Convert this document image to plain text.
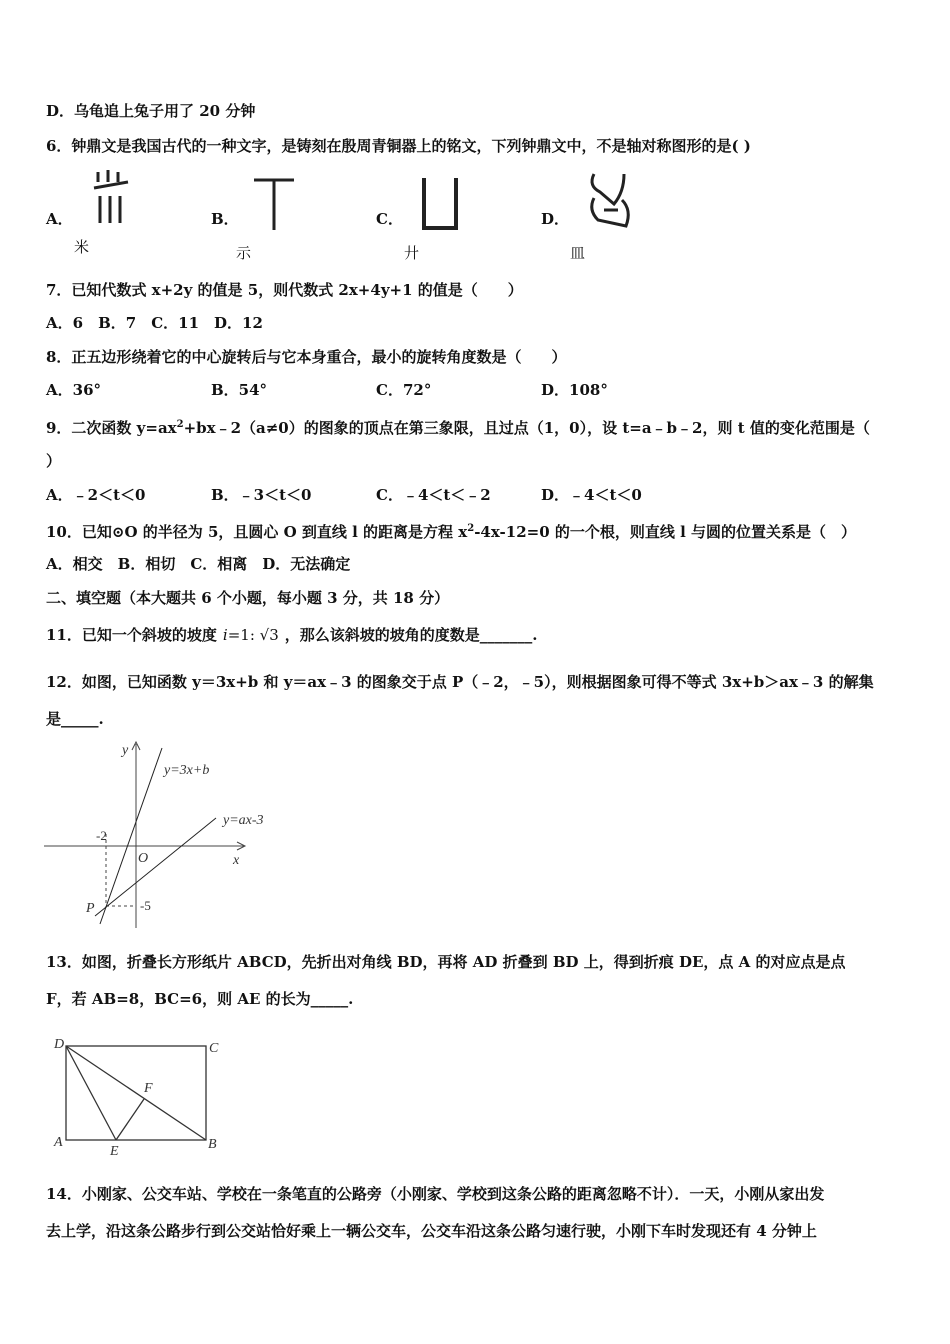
D．乌龟追上兔子用了 20 分钟
6．钟鼎文是我国古代的一种文字，是铸刻在殷周青铜器上的铭文，下列钟鼎文中，不是轴对称图形的是( )
A．
米
B．
示
C．
廾
D．
皿
7．已知代数式 x+2y 的值是 5，则代数式 2x+4y+1 的值是（　　）
A．6　B．7　C．11　D．12
8．正五边形绕着它的中心旋转后与它本身重合，最小的旋转角度数是（　　）
A．36°	B．54°	C．72°	D．108°
9．二次函数 $y=ax^2+bx﹣2(a\ne 0)$的图象的顶点在第三象限，且过点（1，0），设 t=a﹣b﹣2，则 t 值的变化范围是（
）
A．﹣2＜t＜0	B．﹣3＜t＜0	C．﹣4＜t＜﹣2	D．﹣4＜t＜0
10．已知⊙O 的半径为 5，且圆心 O 到直线 l 的距离是方程 $x^2-4x-12=0$ 的一个根，则直线 l 与圆的位置关系是（　）
A．相交　B．相切　C．相离　D．无法确定
二、填空题（本大题共 6 个小题，每小题 3 分，共 18 分）
11．已知一个斜坡的坡度 i=1: √3 ，那么该斜坡的坡角的度数是_______.
12．如图，已知函数 y＝3x+b 和 y＝ax﹣3 的图象交于点 P（﹣2，﹣5），则根据图象可得不等式 3x+b＞ax﹣3 的解集
是_____.
y
x
O
y=3x+b
y=ax-3
P
-2
-5
13．如图，折叠长方形纸片 ABCD，先折出对角线 BD，再将 AD 折叠到 BD 上，得到折痕 DE，点 A 的对应点是点
F，若 AB=8，BC=6，则 AE 的长为_____.
D	C
A	B
E
F
14．小刚家、公交车站、学校在一条笔直的公路旁（小刚家、学校到这条公路的距离忽略不计）．一天，小刚从家出发
去上学，沿这条公路步行到公交站恰好乘上一辆公交车，公交车沿这条公路匀速行驶，小刚下车时发现还有 4 分钟上
